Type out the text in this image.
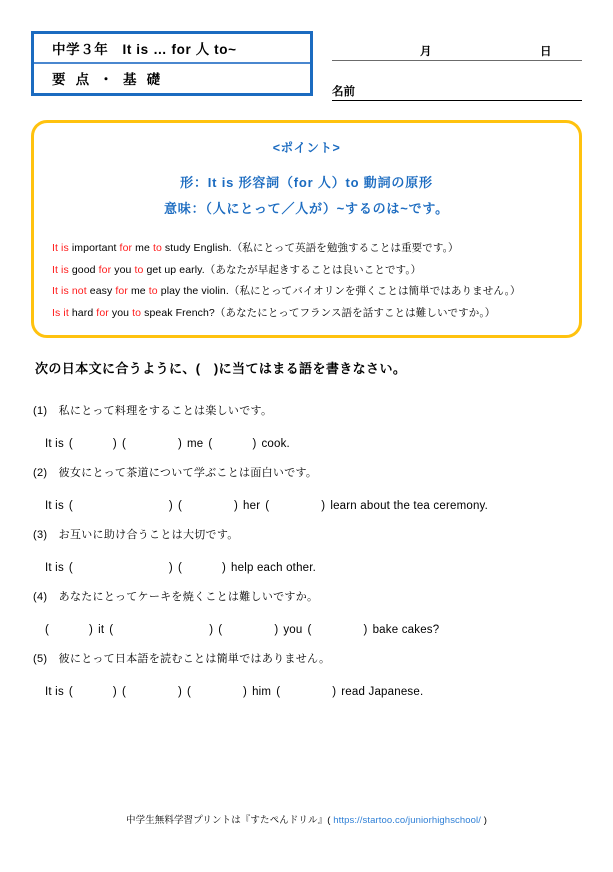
中学３年　It is … for 人 to~
要 点 ・ 基 礎
月	日
名前
<ポイント>
形：It is 形容詞（for 人）to 動詞の原形
意味：（人にとって／人が）~するのは~です。
It is important for me to study English.（私にとって英語を勉強することは重要です。）
It is good for you to get up early.（あなたが早起きすることは良いことです。）
It is not easy for me to play the violin.（私にとってバイオリンを弾くことは簡単ではありません。）
Is it hard for you to speak French?（あなたにとってフランス語を話すことは難しいですか。）
次の日本文に合うように、(　)に当てはまる語を書きなさい。
(1)　私にとって料理をすることは楽しいです。
It is (	) (	) me (	) cook.
(2)　彼女にとって茶道について学ぶことは面白いです。
It is (	) (	) her (	) learn about the tea ceremony.
(3)　お互いに助け合うことは大切です。
It is (	) (	) help each other.
(4)　あなたにとってケーキを焼くことは難しいですか。
(	) it (	) (	) you (	) bake cakes?
(5)　彼にとって日本語を読むことは簡単ではありません。
It is (	) (	) (	) him (	) read Japanese.
中学生無料学習プリントは『すたぺんドリル』( https://startoo.co/juniorhighschool/ )
